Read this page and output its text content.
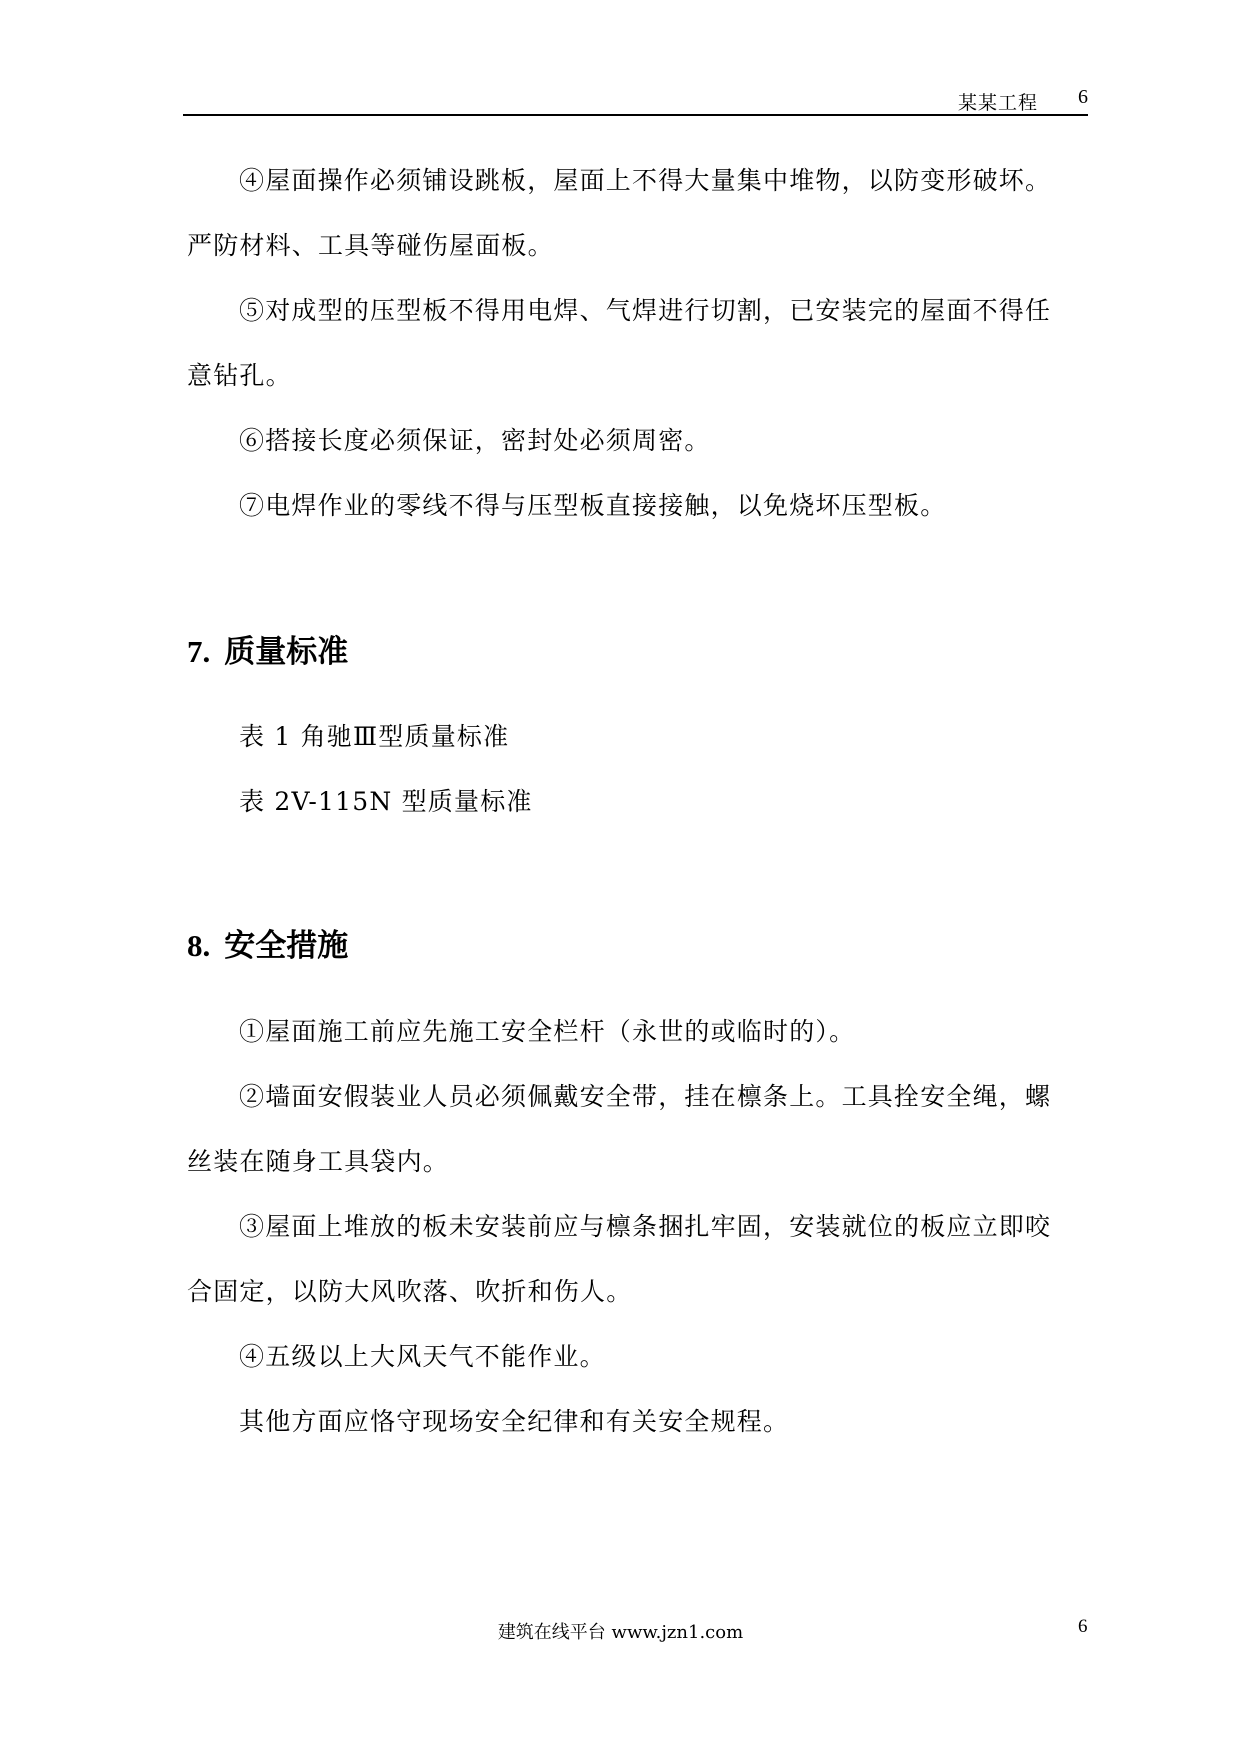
某某工程 6
④屋面操作必须铺设跳板，屋面上不得大量集中堆物，以防变形破坏。
严防材料、工具等碰伤屋面板。
⑤对成型的压型板不得用电焊、气焊进行切割，已安装完的屋面不得任
意钻孔。
⑥搭接长度必须保证，密封处必须周密。
⑦电焊作业的零线不得与压型板直接接触，以免烧坏压型板。
7. 质量标准
表 1 角驰Ⅲ型质量标准
表 2V-115N 型质量标准
8. 安全措施
①屋面施工前应先施工安全栏杆（永世的或临时的）。
②墙面安假装业人员必须佩戴安全带，挂在檩条上。工具拴安全绳，螺
丝装在随身工具袋内。
③屋面上堆放的板未安装前应与檩条捆扎牢固，安装就位的板应立即咬
合固定，以防大风吹落、吹折和伤人。
④五级以上大风天气不能作业。
其他方面应恪守现场安全纪律和有关安全规程。
建筑在线平台 www.jzn1.com	6
